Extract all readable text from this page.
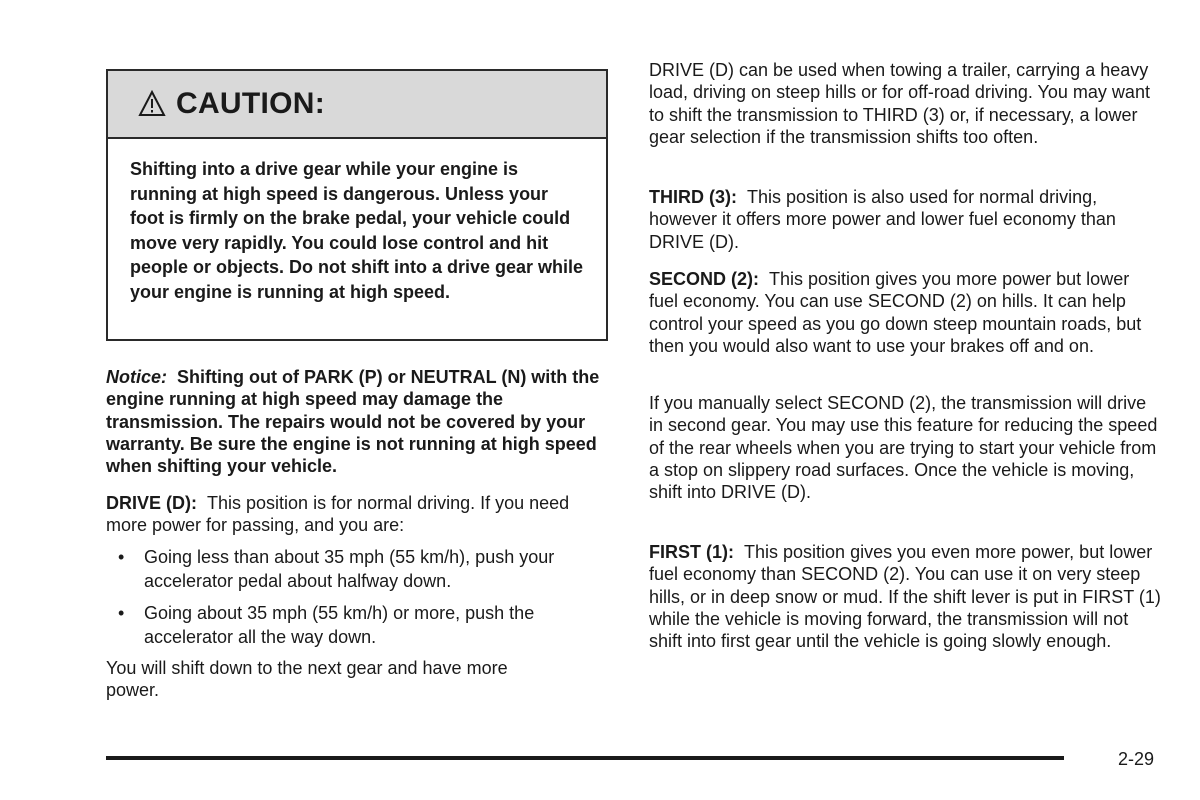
CAUTION:
Shifting into a drive gear while your engine is running at high speed is dangerous. Unless your foot is firmly on the brake pedal, your vehicle could move very rapidly. You could lose control and hit people or objects. Do not shift into a drive gear while your engine is running at high speed.

Notice: Shifting out of PARK (P) or NEUTRAL (N) with the engine running at high speed may damage the transmission. The repairs would not be covered by your warranty. Be sure the engine is not running at high speed when shifting your vehicle.

DRIVE (D): This position is for normal driving. If you need more power for passing, and you are:

• Going less than about 35 mph (55 km/h), push your accelerator pedal about halfway down.
• Going about 35 mph (55 km/h) or more, push the accelerator all the way down.

You will shift down to the next gear and have more power.

DRIVE (D) can be used when towing a trailer, carrying a heavy load, driving on steep hills or for off-road driving. You may want to shift the transmission to THIRD (3) or, if necessary, a lower gear selection if the transmission shifts too often.

THIRD (3): This position is also used for normal driving, however it offers more power and lower fuel economy than DRIVE (D).

SECOND (2): This position gives you more power but lower fuel economy. You can use SECOND (2) on hills. It can help control your speed as you go down steep mountain roads, but then you would also want to use your brakes off and on.

If you manually select SECOND (2), the transmission will drive in second gear. You may use this feature for reducing the speed of the rear wheels when you are trying to start your vehicle from a stop on slippery road surfaces. Once the vehicle is moving, shift into DRIVE (D).

FIRST (1): This position gives you even more power, but lower fuel economy than SECOND (2). You can use it on very steep hills, or in deep snow or mud. If the shift lever is put in FIRST (1) while the vehicle is moving forward, the transmission will not shift into first gear until the vehicle is going slowly enough.

2-29
